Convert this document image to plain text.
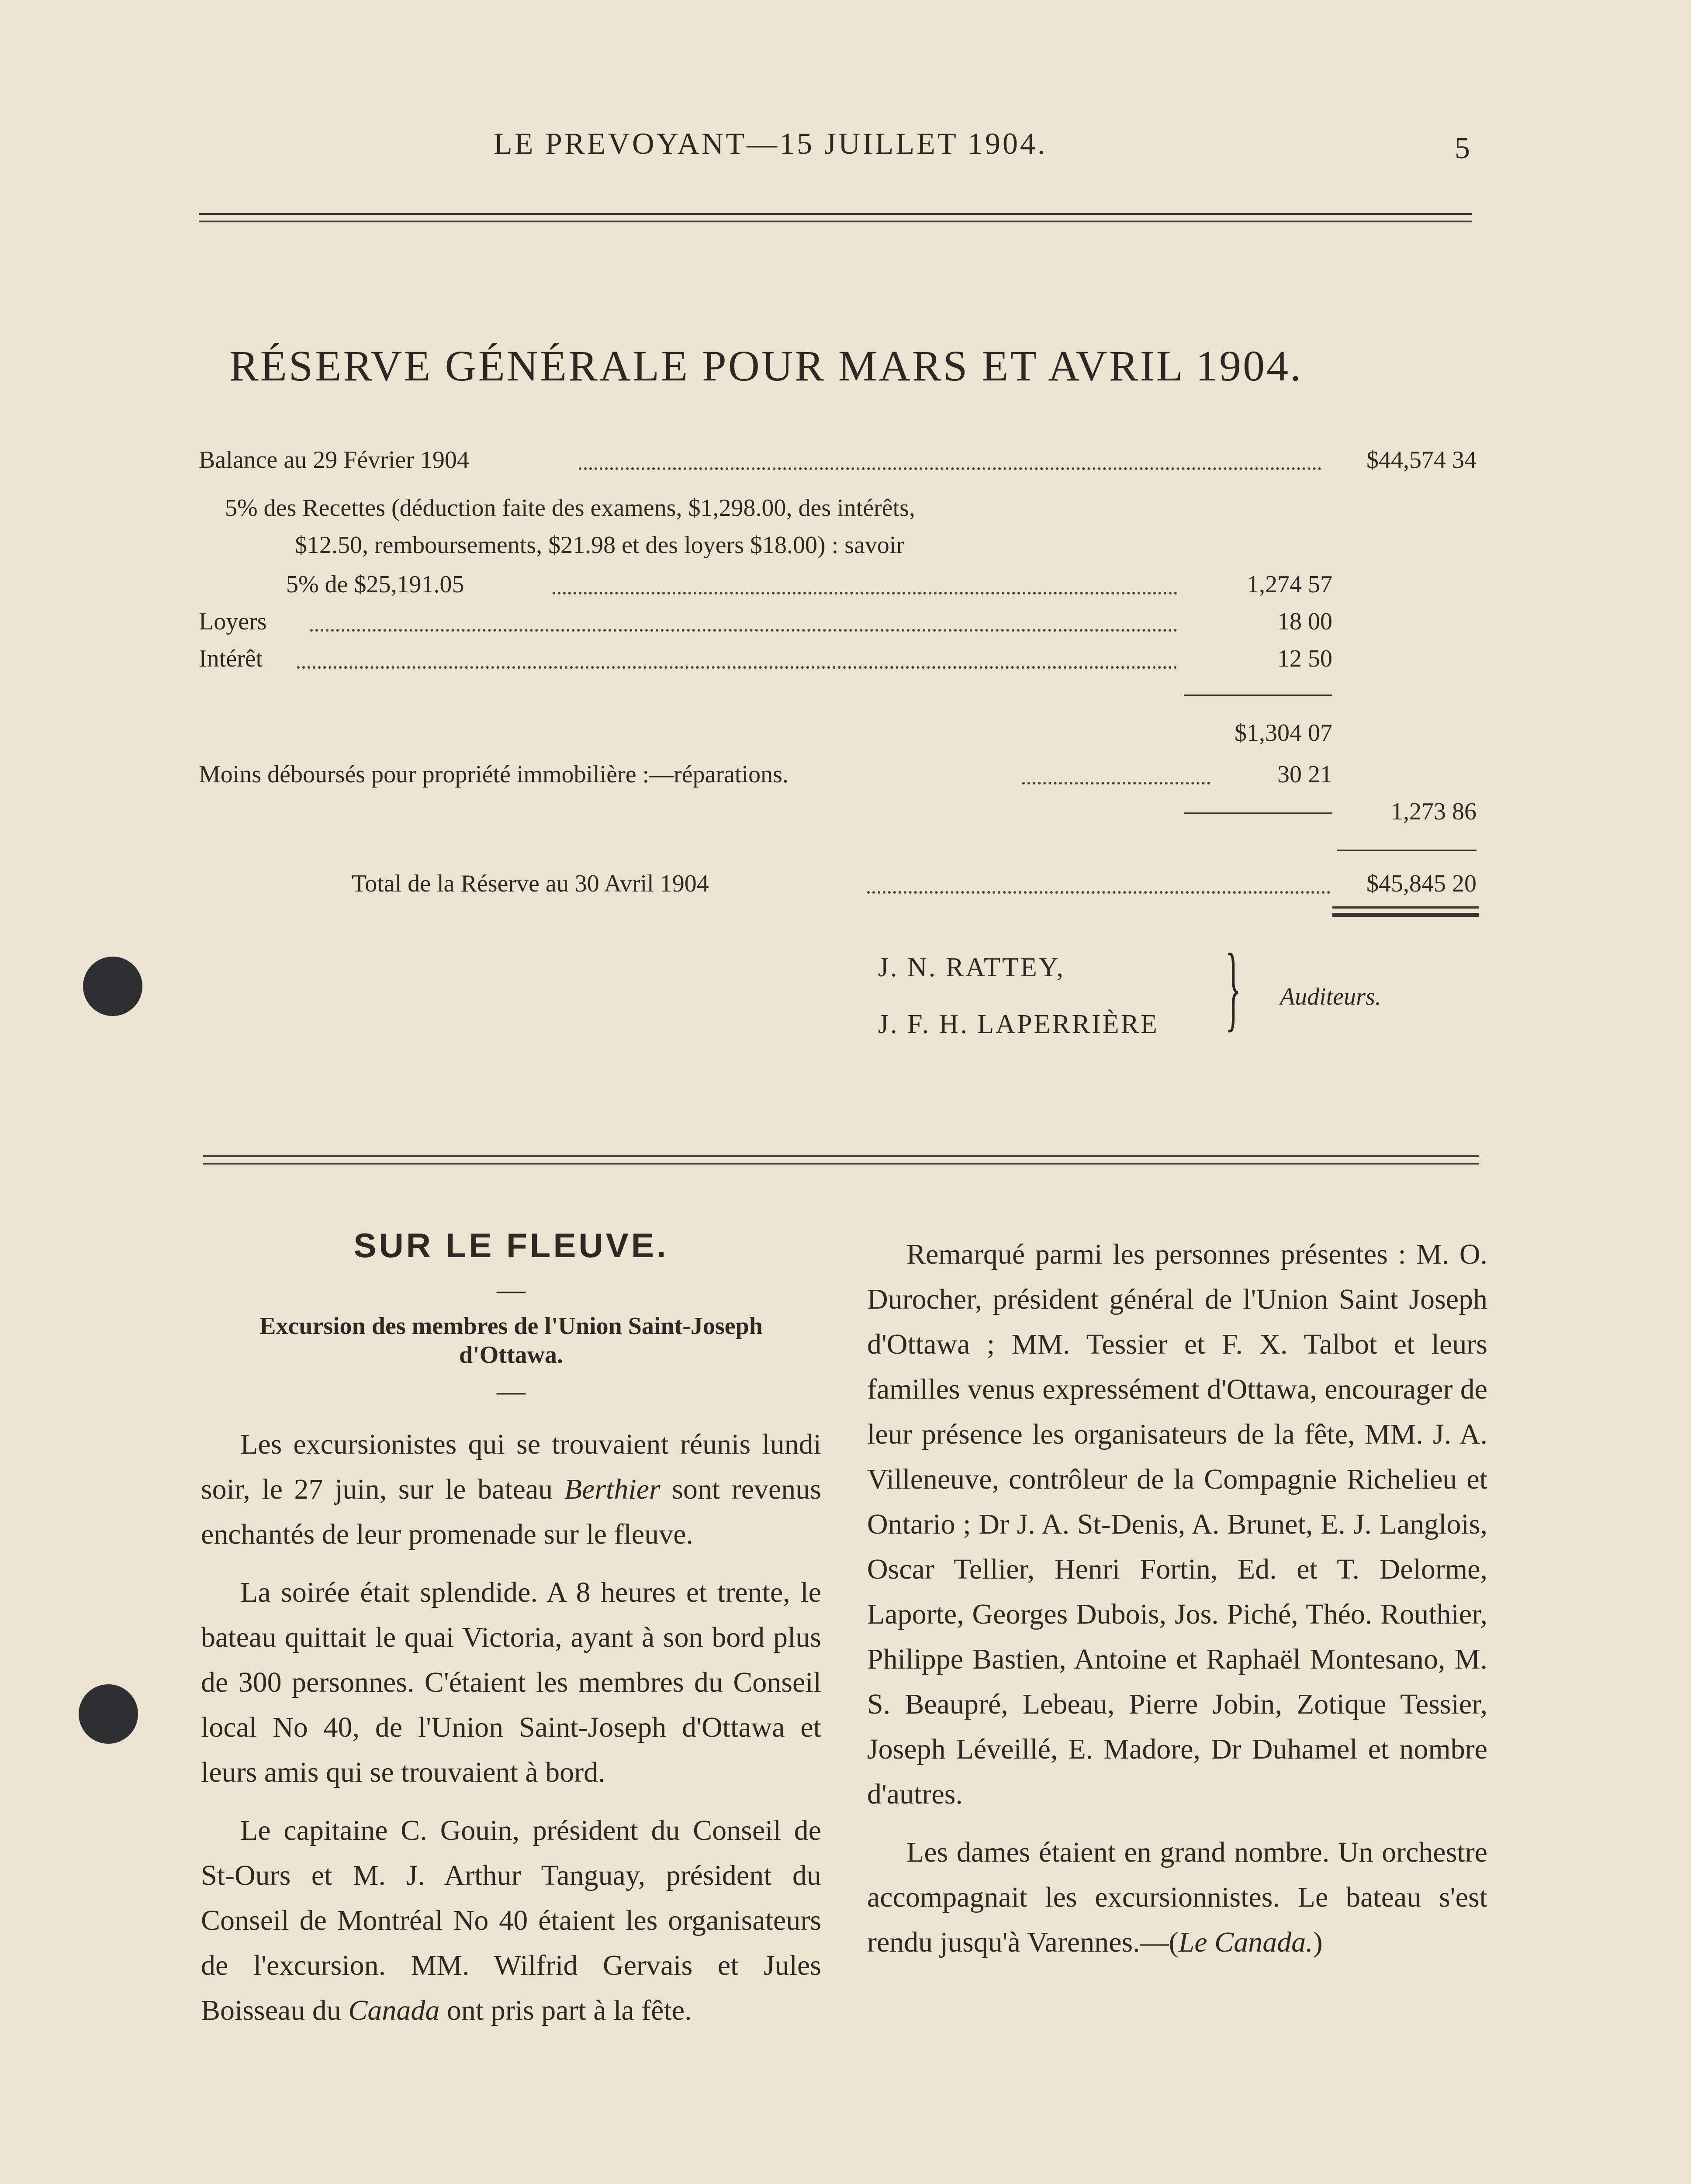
LE PREVOYANT—15 JUILLET 1904.	5
RÉSERVE GÉNÉRALE POUR MARS ET AVRIL 1904.
Balance au 29 Février 1904	$44,574 34
5% des Recettes (déduction faite des examens, $1,298.00, des intérêts,
$12.50, remboursements, $21.98 et des loyers $18.00) : savoir
5% de $25,191.05	1,274 57
Loyers	18 00
Intérêt	12 50
$1,304 07
Moins déboursés pour propriété immobilière :—réparations.	30 21
1,273 86
Total de la Réserve au 30 Avril 1904	$45,845 20
J. N. RATTEY,
J. F. H. LAPERRIÈRE } Auditeurs.
SUR LE FLEUVE.
—
Excursion des membres de l'Union Saint-Joseph d'Ottawa.
—

Les excursionistes qui se trouvaient réunis lundi soir, le 27 juin, sur le bateau Berthier sont revenus enchantés de leur promenade sur le fleuve.

La soirée était splendide. A 8 heures et trente, le bateau quittait le quai Victoria, ayant à son bord plus de 300 personnes. C'étaient les membres du Conseil local No 40, de l'Union Saint-Joseph d'Ottawa et leurs amis qui se trouvaient à bord.

Le capitaine C. Gouin, président du Conseil de St-Ours et M. J. Arthur Tanguay, président du Conseil de Montréal No 40 étaient les organisateurs de l'excursion. MM. Wilfrid Gervais et Jules Boisseau du Canada ont pris part à la fête.

Remarqué parmi les personnes présentes : M. O. Durocher, président général de l'Union Saint Joseph d'Ottawa ; MM. Tessier et F. X. Talbot et leurs familles venus expressément d'Ottawa, encourager de leur présence les organisateurs de la fête, MM. J. A. Villeneuve, contrôleur de la Compagnie Richelieu et Ontario ; Dr J. A. St-Denis, A. Brunet, E. J. Langlois, Oscar Tellier, Henri Fortin, Ed. et T. Delorme, Laporte, Georges Dubois, Jos. Piché, Théo. Routhier, Philippe Bastien, Antoine et Raphaël Montesano, M. S. Beaupré, Lebeau, Pierre Jobin, Zotique Tessier, Joseph Léveillé, E. Madore, Dr Duhamel et nombre d'autres.

Les dames étaient en grand nombre. Un orchestre accompagnait les excursionnistes. Le bateau s'est rendu jusqu'à Varennes.—(Le Canada.)
